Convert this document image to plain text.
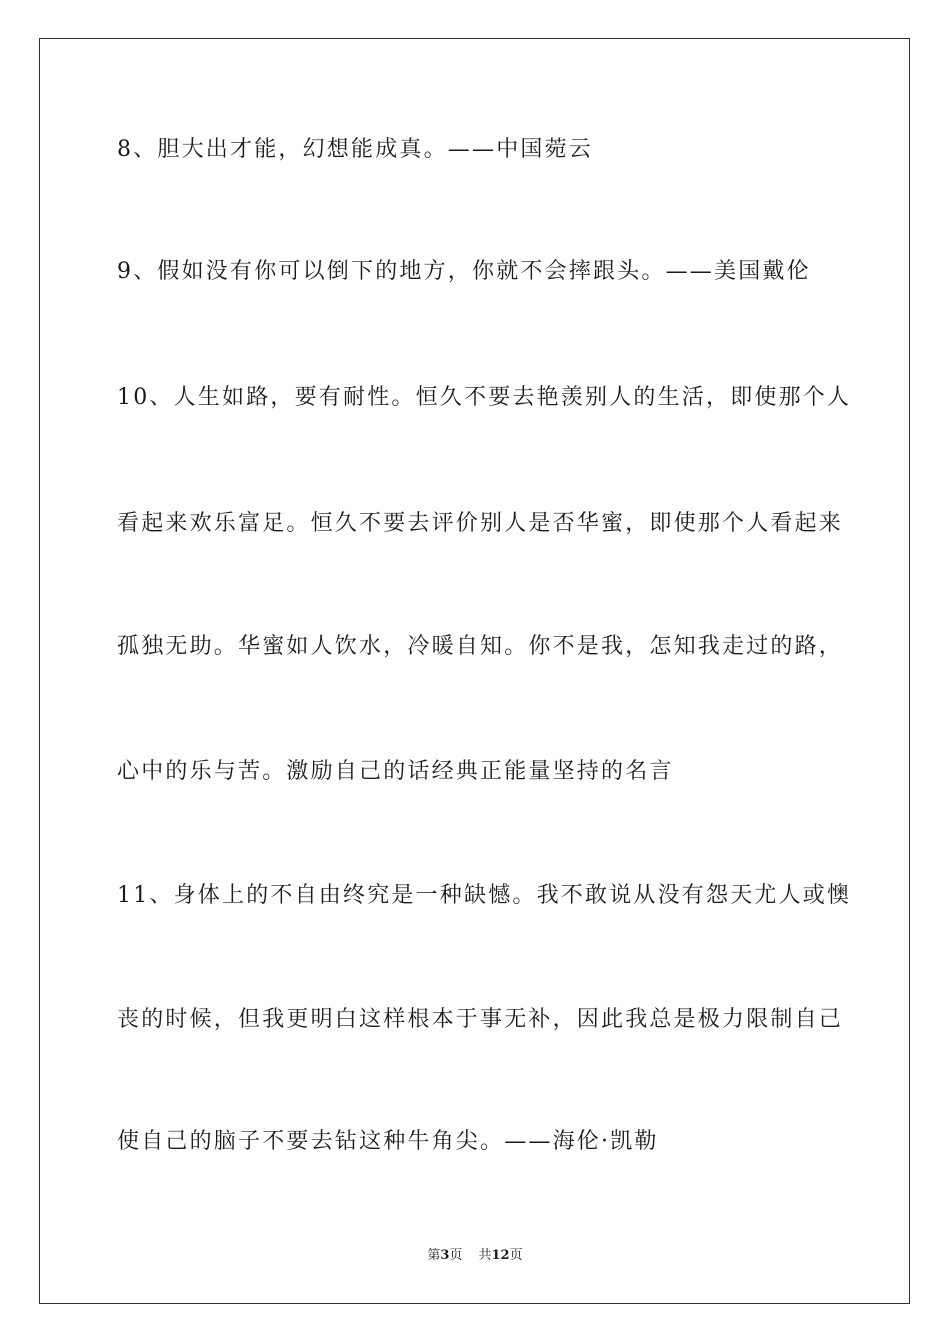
8、胆大出才能，幻想能成真。——中国菀云
9、假如没有你可以倒下的地方，你就不会摔跟头。——美国戴伦
10、人生如路，要有耐性。恒久不要去艳羡别人的生活，即使那个人
看起来欢乐富足。恒久不要去评价别人是否华蜜，即使那个人看起来
孤独无助。华蜜如人饮水，冷暖自知。你不是我，怎知我走过的路，
心中的乐与苦。激励自己的话经典正能量坚持的名言
11、身体上的不自由终究是一种缺憾。我不敢说从没有怨天尤人或懊
丧的时候，但我更明白这样根本于事无补，因此我总是极力限制自己
使自己的脑子不要去钻这种牛角尖。——海伦·凯勒
第3页 共12页
